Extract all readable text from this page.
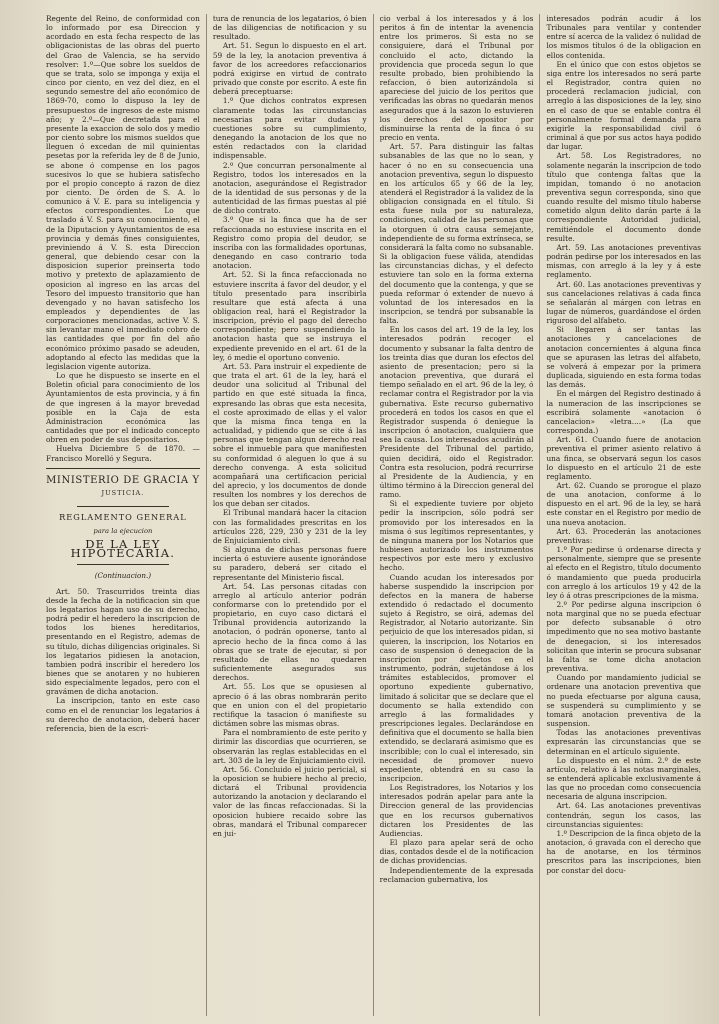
Regente del Reino, de conformidad con lo informado por esa Direccion y acordado en esta fecha respecto de las obligacionistas de las obras del puerto del Grao de Valencia, se ha servido resolver: 1.º—Que sobre los sueldos de que se trata, solo se imponga y exija el cinco por ciento, en vez del diez, en el segundo semestre del año económico de 1869-70, como lo dispuso la ley de presupuestos de ingresos de este mismo año; y 2.º—Que decretada para el presente la exaccion de solo dos y medio por ciento sobre los mismos sueldos que lleguen ó excedan de mil quinientas pesetas por la referida ley de 8 de Junio, se abone ó compense en los pagos sucesivos lo que se hubiera satisfecho por el propio concepto á razon de diez por ciento. De órden de S. A. lo comunico á V. E. para su inteligencia y efectos correspondientes. Lo que traslado á V. S. para su conocimiento, el de la Diputacion y Ayuntamientos de esa provincia y demás fines consiguientes, previniendo á V. S. esta Direccion general, que debiendo cesar con la disposicion superior preinserta todo motivo y pretexto de aplazamiento de oposicion al ingreso en las arcas del Tesoro del impuesto transitorio que han devengado y no havan satisfecho los empleados y dependientes de las corporaciones mencionadas, active V. S. sin levantar mano el inmediato cobro de las cantidades que por fin del año económico próximo pasado se adeuden, adoptando al efecto las medidas que la legislacion vigente autoriza.

Lo que he dispuesto se inserte en el Boletin oficial para conocimiento de los Ayuntamientos de esta provincia, y á fin de que ingresen á la mayor brevedad posible en la Caja de esta Administracion económica las cantidades que por el indicado concepto obren en poder de sus depositarios.

Huelva Diciembre 5 de 1870. — Francisco Morelló y Segura.

MINISTERIO DE GRACIA Y
JUSTICIA.
REGLAMENTO GENERAL
para la ejecucion
DE LA LEY HIPOTECARIA.
(Continuacion.)

Art. 50. Trascurridos treinta dias desde la fecha de la notificacion sin que los legatarios hagan uso de su derecho, podrá pedir el heredero la inscripcion de todos los bienes hereditarios, presentando en el Registro, ademas de su título, dichas diligencias originales. Si los legatarios pidiesen la anotacion, tambien podrá inscribir el heredero los bienes que se anotaren y no hubieren sido especialmente legados, pero con el gravámen de dicha anotacion.

La inscripcion, tanto en este caso como en el de renunciar los legatarios á su derecho de anotacion, deberá hacer referencia, bien de la escri-

tura de renuncia de los legatarios, ó bien de las diligencias de notificacion y su resultado.

Art. 51. Segun lo dispuesto en el art. 59 de la ley, la anotacion preventiva á favor de los acreedores refaccionarios podrá exigirse en virtud de contrato privado que conste por escrito. A este fin deberá preceptuarse:

1.º Que dichos contratos expresen claramente todas las circunstancias necesarias para evitar dudas y cuestiones sobre su cumplimiento, denegando la anotacion de los que no estén redactados con la claridad indispensable.

2.º Que concurran personalmente al Registro, todos los interesados en la anotacion, asegurándose el Registrador de la identidad de sus personas y de la autenticidad de las firmas puestas al pié de dicho contrato.

3.º Que si la finca que ha de ser refaccionada no estuviese inscrita en el Registro como propia del deudor, se inscriba con las formalidades oportunas, denegando en caso contrario toda anotacion.

Art. 52. Si la finca refaccionada no estuviere inscrita á favor del deudor, y el título presentado para inscribirla resultare que está afecta á una obligacion real, hará el Registrador la inscripcion, prévio el pago del derecho correspondiente; pero suspendiendo la anotacion hasta que se instruya el expediente prevenido en el art. 61 de la ley, ó medie el oportuno convenio.

Art. 53. Para instruir el expediente de que trata el art. 61 de la ley, hará el deudor una solicitud al Tribunal del partido en que esté situada la finca, expresando las obras que esta necesita, el coste aproximado de ellas y el valor que la misma finca tenga en la actualidad, y pidiendo que se cite á las personas que tengan algun derecho real sobre el inmueble para que manifiesten su conformidad ó aleguen lo que á su derecho convenga. A esta solicitud acompañará una certificacion pericial del aprecio, y los documentos de donde resulten los nombres y los derechos de los que deban ser citados.

El Tribunal mandará hacer la citacion con las formalidades prescritas en los artículos 228, 229, 230 y 231 de la ley de Enjuiciamiento civil.

Si alguna de dichas personas fuere incierta ó estuviere ausente ignorándose su paradero, deberá ser citado el representante del Ministerio fiscal.

Art. 54. Las personas citadas con arreglo al artículo anterior podrán conformarse con lo pretendido por el propietario, en cuyo caso dictará el Tribunal providencia autorizando la anotacion, ó podrán oponerse, tanto al aprecio hecho de la finca como á las obras que se trate de ejecutar, si por resultado de ellas no quedaren suficientemente asegurados sus derechos.

Art. 55. Los que se opusiesen al aprecio ó á las obras nombrarán perito que en union con el del propietario rectifique la tasacion ó manifieste su dictámen sobre las mismas obras.

Para el nombramiento de este perito y dirimir las discordias que ocurrieren, se observarán las reglas establecidas en el art. 303 de la ley de Enjuiciamiento civil.

Art. 56. Concluido el juicio pericial, si la oposicion se hubiere hecho al precio, dictará el Tribunal providencia autorizando la anotacion y declarando el valor de las fincas refaccionadas. Si la oposicion hubiere recaido sobre las obras, mandará el Tribunal comparecer en jui-

cio verbal á los interesados y á los peritos á fin de intentar la avenencia entre los primeros. Si esta no se consiguiere, dará el Tribunal por concluido el acto, dictando la providencia que proceda segun lo que resulte probado, bien prohibiendo la refaccion, ó bien autorizándola si apareciese del juicio de los peritos que verificadas las obras no quedarán menos asegurados que á la sazon lo estuvieren los derechos del opositor por disminuirse la renta de la finca ó su precio en venta.

Art. 57. Para distinguir las faltas subsanables de las que no lo sean, y hacer ó no en su consecuencia una anotacion preventiva, segun lo dispuesto en los artículos 65 y 66 de la ley, atenderá el Registrador á la validez de la obligacion consignada en el título. Si esta fuese nula por su naturaleza, condiciones, calidad de las personas que la otorguen ú otra causa semejante, independiente de su forma extrínseca, se considerará la falta como no subsanable. Si la obligacion fuese válida, atendidas las circunstancias dichas, y el defecto estuviere tan solo en la forma externa del documento que la contenga, y que se pueda reformar ó extender de nuevo á voluntad de los interesados en la inscripcion, se tendrá por subsanable la falta.

En los casos del art. 19 de la ley, los interesados podrán recoger el documento y subsanar la falta dentro de los treinta dias que duran los efectos del asiento de presentacion; pero si la anotacion preventiva, que durará el tiempo señalado en el art. 96 de la ley, ó reclamar contra el Registrador por la via gubernativa. Este recurso gubernativo procederá en todos los casos en que el Registrador suspenda ó deniegue la inscripcion ó anotacion, cualquiera que sea la causa. Los interesados acudirán al Presidente del Tribunal del partido, quien decidirá, oido el Registrador. Contra esta resolucion, podrá recurrirse al Presidente de la Audiencia, y en último término á la Direccion general del ramo.

Si el expediente tuviere por objeto pedir la inscripcion, sólo podrá ser promovido por los interesados en la misma ó sus legítimos representantes, y de ninguna manera por los Notarios que hubiesen autorizado los instrumentos respectivos por este mero y exclusivo hecho.

Cuando acudan los interesados por haberse suspendido la inscripcion por defectos en la manera de haberse extendido ó redactado el documento sujeto á Registro, se oirá, ademas del Registrador, al Notario autorizante. Sin perjuicio de que los interesados pidan, si quieren, la inscripcion, los Notarios en caso de suspension ó denegacion de la inscripcion por defectos en el instrumento, podrán, sujetándose á los trámites establecidos, promover el oportuno expediente gubernativo, limitado á solicitar que se declare que el documento se halla extendido con arreglo á las formalidades y prescripciones legales. Declarándose en definitiva que el documento se halla bien extendido, se declarará asimismo que es inscribible; con lo cual el interesado, sin necesidad de promover nuevo expediente, obtendrá en su caso la inscripcion.

Los Registradores, los Notarios y los interesados podrán apelar para ante la Direccion general de las providencias que en los recursos gubernativos dictaren los Presidentes de las Audiencias.

El plazo para apelar será de ocho dias, contados desde el de la notificacion de dichas providencias.

Independientemente de la expresada reclamacion gubernativa, los

interesados podrán acudir á los Tribunales para ventilar y contender entre sí acerca de la validez ó nulidad de los mismos títulos ó de la obligacion en ellos contenida.

En el único que con estos objetos se siga entre los interesados no será parte el Registrador, contra quien no procederá reclamacion judicial, con arreglo á las disposiciones de la ley, sino en el caso de que se entable contra él personalmente formal demanda para exigirle la responsabilidad civil ó criminal á que por sus actos haya podido dar lugar.

Art. 58. Los Registradores, no solamente negarán la inscripcion de todo título que contenga faltas que la impidan, tomando ó no anotacion preventiva segun corresponda, sino que cuando resulte del mismo título haberse cometido algun delito darán parte á la correspondiente Autoridad judicial, remitiéndole el documento donde resulte.

Art. 59. Las anotaciones preventivas podrán pedirse por los interesados en las mismas, con arreglo á la ley y á este reglamento.

Art. 60. Las anotaciones preventivas y sus cancelaciones relativas á cada finca se señalarán al márgen con letras en lugar de números, guardándose el órden riguroso del alfabeto.

Si llegaren á ser tantas las anotaciones y cancelaciones de anotacion concernientes á alguna finca que se apurasen las letras del alfabeto, se volverá á empezar por la primera duplicada, siguiendo en esta forma todas las demás.

En el márgen del Registro destinado á la numeracion de las inscripciones se escribirá solamente «anotacion ó cancelacion» «letra....» (La que corresponda.)

Art. 61. Cuando fuere de anotacion preventiva el primer asiento relativo á una finca, se observará segun los casos lo dispuesto en el artículo 21 de este reglamento.

Art. 62. Cuando se prorogue el plazo de una anotacion, conforme á lo dispuesto en el art. 96 de la ley, se hará este constar en el Registro por medio de una nueva anotacion.

Art. 63. Procederán las anotaciones preventivas:

1.º Por pedirse ú ordenarse directa y personalmente, siempre que se presente al efecto en el Registro, título documento ó mandamiento que pueda producirla con arreglo á los artículos 19 y 42 de la ley ó á otras prescripciones de la misma.

2.º Por pedirse alguna inscripcion ó nota marginal que no se pueda efectuar por defecto subsanable ó otro impedimento que no sea motivo bastante de denegacion, si los interesados solicitan que interin se procura subsanar la falta se tome dicha anotacion preventiva.

Cuando por mandamiento judicial se ordenare una anotacion preventiva que no pueda efectuarse por alguna causa, se suspenderá su cumplimiento y se tomará anotacion preventiva de la suspension.

Todas las anotaciones preventivas expresarán las circunstancias que se determinan en el artículo siguiente.

Lo dispuesto en el núm. 2.º de este artículo, relativo á las notas marginales, se entenderá aplicable exclusivamente á las que no procedan como consecuencia necesaria de alguna inscripcion.

Art. 64. Las anotaciones preventivas contendrán, segun los casos, las circunstancias siguientes:

1.º Descripcion de la finca objeto de la anotacion, ó gravada con el derecho que ha de anotarse, en los términos prescritos para las inscripciones, bien por constar del docu-
